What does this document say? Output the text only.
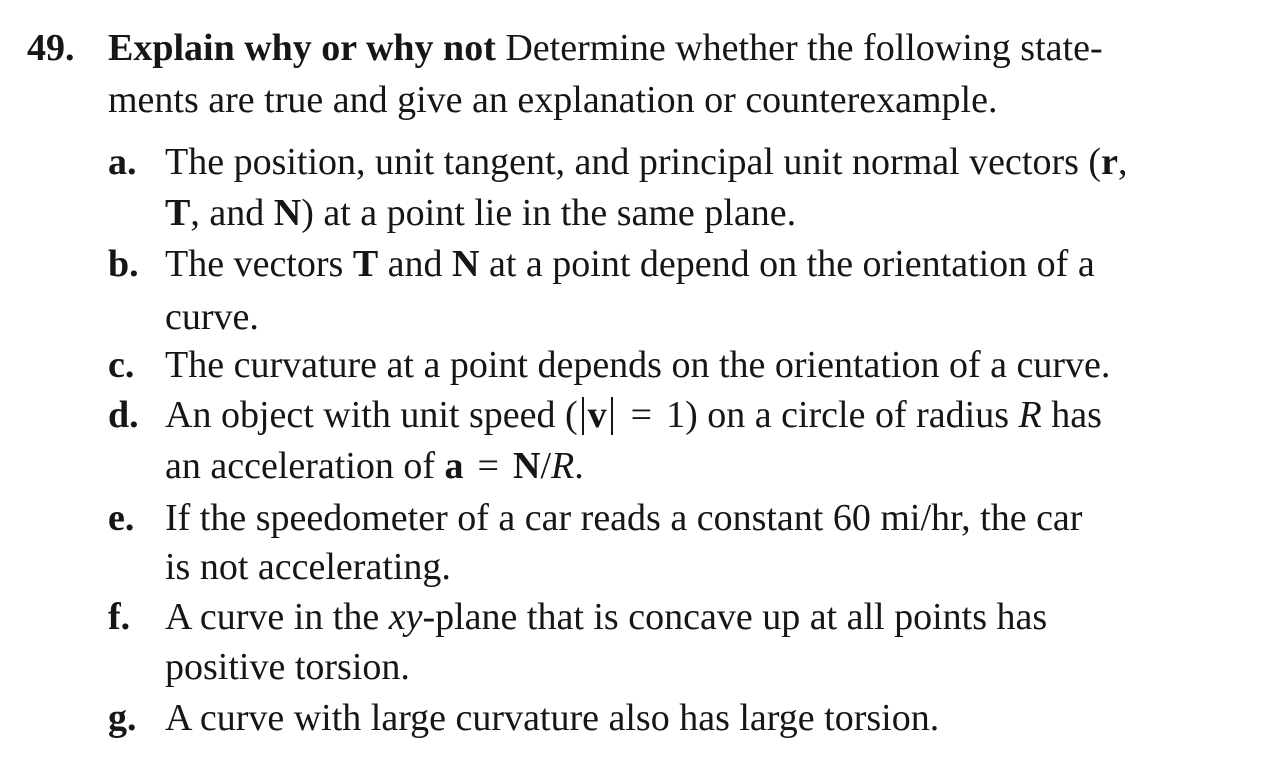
49. Explain why or why not Determine whether the following state-
ments are true and give an explanation or counterexample.
a. The position, unit tangent, and principal unit normal vectors (r,
T, and N) at a point lie in the same plane.
b. The vectors T and N at a point depend on the orientation of a
curve.
c. The curvature at a point depends on the orientation of a curve.
d. An object with unit speed ( v = 1) on a circle of radius R has
an acceleration of a = N/R.
e. If the speedometer of a car reads a constant 60 mi/hr, the car
is not accelerating.
f. A curve in the xy-plane that is concave up at all points has
positive torsion.
g. A curve with large curvature also has large torsion.
